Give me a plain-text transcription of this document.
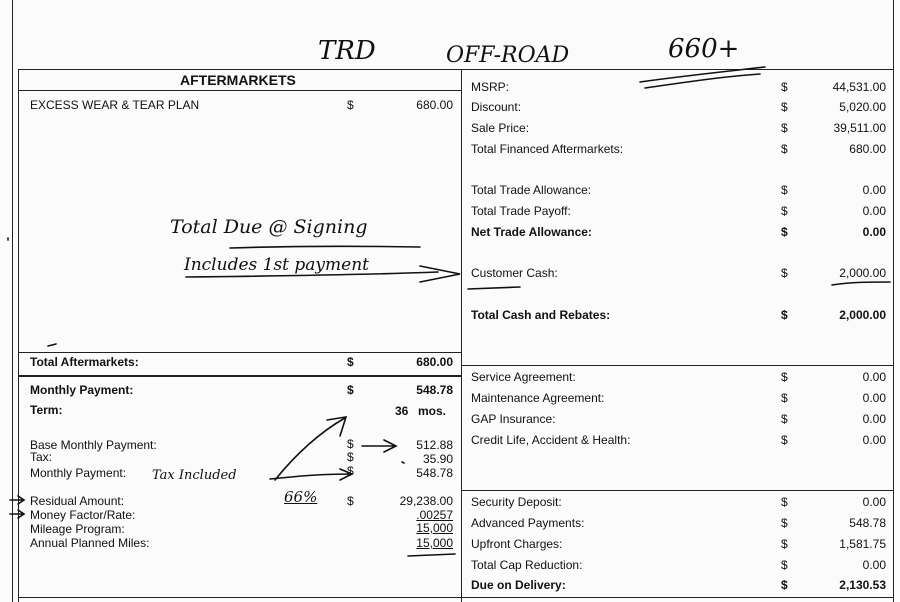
AFTERMARKETS
EXCESS WEAR & TEAR PLAN	$	680.00
Total Aftermarkets:	$	680.00
Monthly Payment:	$	548.78
Term:	36 mos.
Base Monthly Payment:	$	512.88
Tax:	$	35.90
Monthly Payment:	$	548.78
Residual Amount:	$	29,238.00
Money Factor/Rate:	.00257
Mileage Program:	15,000
Annual Planned Miles:	15,000
MSRP:	$	44,531.00
Discount:	$	5,020.00
Sale Price:	$	39,511.00
Total Financed Aftermarkets:	$	680.00
Total Trade Allowance:	$	0.00
Total Trade Payoff:	$	0.00
Net Trade Allowance:	$	0.00
Customer Cash:	$	2,000.00
Total Cash and Rebates:	$	2,000.00
Service Agreement:	$	0.00
Maintenance Agreement:	$	0.00
GAP Insurance:	$	0.00
Credit Life, Accident & Health:	$	0.00
Security Deposit:	$	0.00
Advanced Payments:	$	548.78
Upfront Charges:	$	1,581.75
Total Cap Reduction:	$	0.00
Due on Delivery:	$	2,130.53
TRD	OFF-ROAD	660+
Total Due @ Signing
Includes 1st payment
Tax Included
66%
